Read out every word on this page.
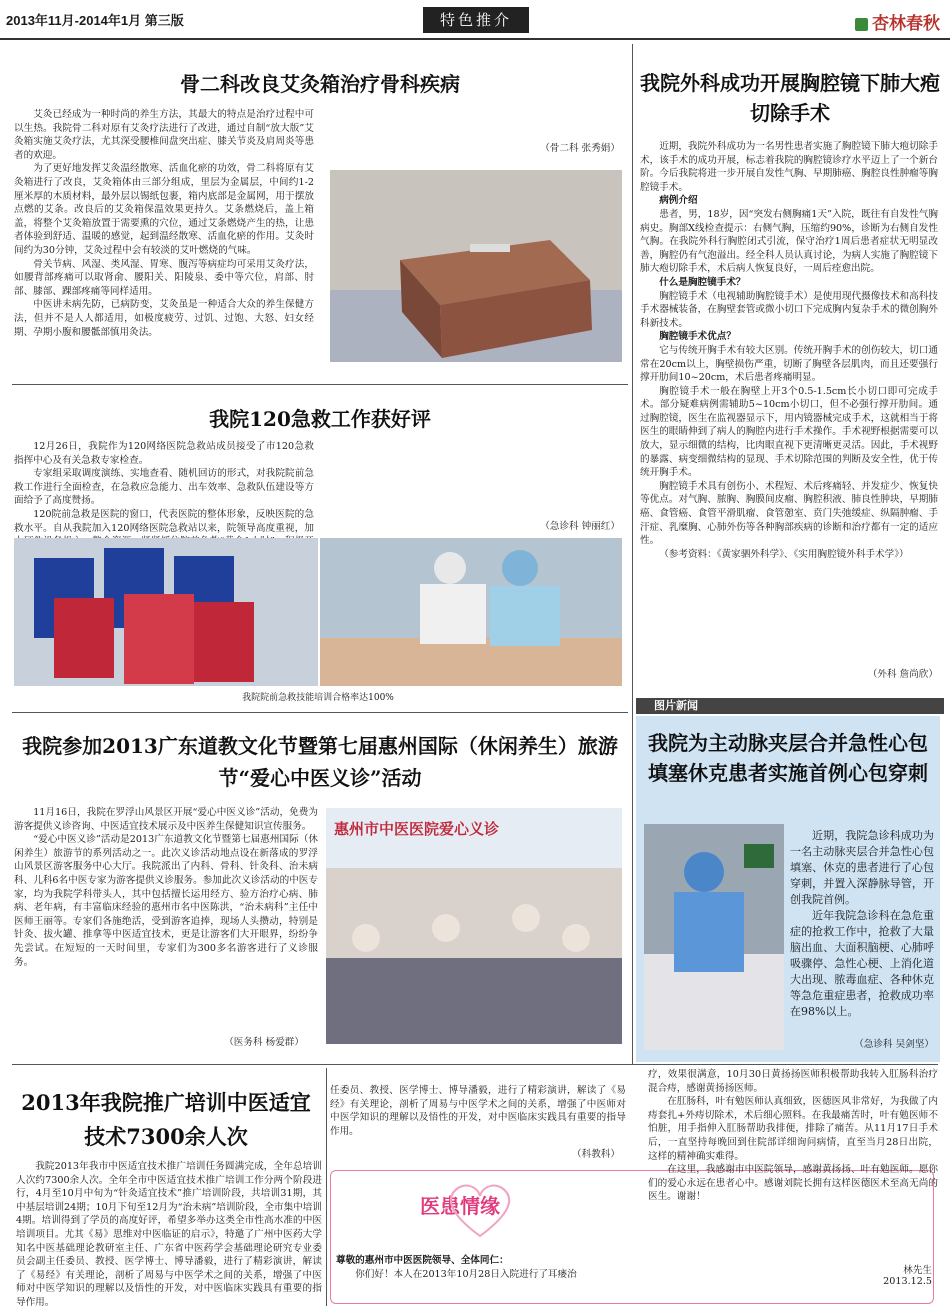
2013年11月-2014年1月 第三版	特色推介	杏林春秋
骨二科改良艾灸箱治疗骨科疾病

艾灸已经成为一种时尚的养生方法，其最大的特点是治疗过程中可以生热。我院骨二科对原有艾灸疗法进行了改进，通过自制“放大版”艾灸箱实施艾灸疗法，尤其深受腰椎间盘突出症、膝关节炎及肩周炎等患者的欢迎。

为了更好地发挥艾灸温经散寒、活血化瘀的功效，骨二科将原有艾灸箱进行了改良，艾灸箱体由三部分组成，里层为金属层，中间约1-2厘米厚的木质材料，最外层以锡纸包裹，箱内底部是金属网，用于摆放点燃的艾条。改良后的艾灸箱保温效果更持久。艾条燃烧后，盖上箱盖，将整个艾灸箱放置于需要熏的穴位，通过艾条燃烧产生的热，让患者体验到舒适、温暖的感觉，起到温经散寒、活血化瘀的作用。艾灸时间约为30分钟，艾灸过程中会有较淡的艾叶燃烧的气味。

骨关节病、风湿、类风湿、胃寒、腹泻等病症均可采用艾灸疗法，如腰背部疼痛可以取肾俞、腰阳关、阳陵泉、委中等穴位，肩部、肘部、膝部、踝部疼痛等同样适用。

中医讲未病先防，已病防变，艾灸虽是一种适合大众的养生保健方法，但并不是人人都适用，如极度疲劳、过饥、过饱、大怒、妇女经期、孕期小腹和腰骶部慎用灸法。

（骨二科 张秀娟）
我院120急救工作获好评

12月26日，我院作为120网络医院急救站成员接受了市120急救指挥中心及有关急救专家检查。

专家组采取调度演练、实地查看、随机回访的形式，对我院院前急救工作进行全面检查，在急救应急能力、出车效率、急救队伍建设等方面给予了高度赞扬。

120院前急救是医院的窗口，代表医院的整体形象，反映医院的急救水平。自从我院加入120网络医院急救站以来，院领导高度重视，加	（急诊科 钟丽红）
我院院前急救技能培训合格率达100%
我院外科成功开展胸腔镜下肺大疱切除手术

近期，我院外科成功为一名男性患者实施了胸腔镜下肺大疱切除手术，该手术的成功开展，标志着我院的胸腔镜诊疗水平迈上了一个新台阶。今后我院将进一步开展自发性气胸、早期肺癌、胸腔良性肿瘤等胸腔镜手术。

病例介绍

患者，男，18岁，因“突发右侧胸痛1天”入院，既往有自发性气胸病史。胸部X线检查提示：右侧气胸，压缩约90%，诊断为右侧自发性气胸。在我院外科行胸腔闭式引流，保守治疗1周后患者症状无明显改善，胸腔仍有气泡溢出。经全科人员认真讨论，为病人实施了胸腔镜下肺大疱切除手术，术后病人恢复良好，一周后痊愈出院。

什么是胸腔镜手术？

胸腔镜手术（电视辅助胸腔镜手术）是使用现代摄像技术和高科技手术器械装备，在胸壁套管或微小切口下完成胸内复杂手术的微创胸外科新技术。

胸腔镜手术优点？

它与传统开胸手术有较大区别。传统开胸手术的创伤较大，切口通常在20cm以上，胸壁损伤严重，切断了胸壁各层肌肉，而且还要强行撑开肋间10~20cm，术后患者疼痛明显。

胸腔镜手术一般在胸壁上开3个0.5-1.5cm长小切口即可完成手术。部分疑难病例需辅助5~10cm小切口，但不必强行撑开肋间。通过胸腔镜，医生在监视器显示下，用内镜器械完成手术，这就相当于将医生的眼睛伸到了病人的胸腔内进行手术操作。手术视野根据需要可以放大，显示细微的结构，比肉眼直视下更清晰更灵活。因此，手术视野的暴露、病变细微结构的显现、手术切除范围的判断及安全性，优于传统开胸手术。

胸腔镜手术具有创伤小、术程短、术后疼痛轻、并发症少、恢复快等优点。对气胸、脓胸、胸膜间皮瘤、胸腔积液、肺良性肿块，早期肺癌、食管癌、食管平滑肌瘤、食管憩室、贲门失弛缓症、纵隔肿瘤、手汗症、乳糜胸、心肺外伤等各种胸部疾病的诊断和治疗都有一定的适应性。

（参考资料：《黄家驷外科学》、《实用胸腔镜外科手术学》）

（外科 詹尚欣）
图片新闻
我院为主动脉夹层合并急性心包填塞休克患者实施首例心包穿刺

近期，我院急诊科成功为一名主动脉夹层合并急性心包填塞、休克的患者进行了心包穿刺，并置入深静脉导管，开创我院首例。

近年我院急诊科在急危重症的抢救工作中，抢救了大量脑出血、大面积脑梗、心肺呼吸骤停、急性心梗、上消化道大出现、脓毒血症、各种休克等急危重症患者，抢救成功率在98%以上。

（急诊科 吴剑坚）
我院参加2013广东道教文化节暨第七届惠州国际（休闲养生）旅游节“爱心中医义诊”活动

11月16日，我院在罗浮山风景区开展“爱心中医义诊”活动，免费为游客提供义诊咨询、中医适宜技术展示及中医养生保健知识宣传服务。

“爱心中医义诊”活动是2013广东道教文化节暨第七届惠州国际（休闲养生）旅游节的系列活动之一。此次义诊活动地点设在新落成的罗浮山风景区游客服务中心大厅。我院派出了内科、骨科、针灸科、治未病科、儿科6名中医专家为游客提供义诊服务。参加此次义诊活动的中医专家，均为我院学科带头人，其中包括擅长运用经方、验方治疗心病、肺病、老年病，有丰富临床经验的惠州市名中医陈洪，“治未病科”主任中医师王丽等。专家们各施绝活，受到游客追捧，现场人头攒动，特别是针灸、拔火罐、推拿等中医适宜技术，更是让游客们大开眼界，纷纷争先尝试。在短短的一天时间里，专家们为300多名游客进行了义诊服务。

（医务科 杨爱群）
惠州市中医医院爱心义诊
2013年我院推广培训中医适宜技术7300余人次

我院2013年我市中医适宜技术推广培训任务圆满完成，全年总培训人次约7300余人次。全年全市中医适宜技术推广培训工作分两个阶段进行，4月至10月中旬为“针灸适宜技术”推广培训阶段，共培训31期，其中基层培训24期；10月下旬至12月为“治未病”培训阶段，全市集中培训4期。培训得到了学员的高度好评，希望多举办这类全市性高水准的中医培训项目。尤其《易》思维对中医临证的启示》，特邀了广州中医药大学知名中医基础理论教研室主任、广东省中医药学会基础理论研究专业委员会副主任委员、教授、医学博士、博导潘毅，进行了精彩演讲，解读了《易经》有关理论，剖析了周易与中医学术之间的关系，增强了中医师对中医学知识的理解以及悟性的开发，对中医临床实践具有重要的指导作用。

任委员、教授、医学博士、博导潘毅，进行了精彩演讲，解读了《易经》有关理论，剖析了周易与中医学术之间的关系，增强了中医师对中医学知识的理解以及悟性的开发，对中医临床实践具有重要的指导作用。

（科教科）
医患情缘
尊敬的惠州市中医医院领导、全体同仁：

你们好！本人在2013年10月28日入院进行了耳瘘治

疗，效果很满意，10月30日黄扬扬医师积极帮助我转入肛肠科治疗混合痔，感谢黄扬扬医师。

在肛肠科，叶有勉医师认真细致，医德医风非常好，为我做了内痔套扎+外痔切除术，术后细心照料。在我最痛苦时，叶有勉医师不怕脏，用手指伸入肛肠帮助我排便，排除了痛苦。从11月17日手术后，一直坚持每晚回到住院部详细询问病情，直至当月28日出院，这样的精神确实难得。

在这里，我感谢市中医院领导，感谢黄扬扬、叶有勉医师。愿你们的爱心永远在患者心中。感谢刘院长拥有这样医德医术至高无尚的医生。谢谢！

林先生
2013.12.5
